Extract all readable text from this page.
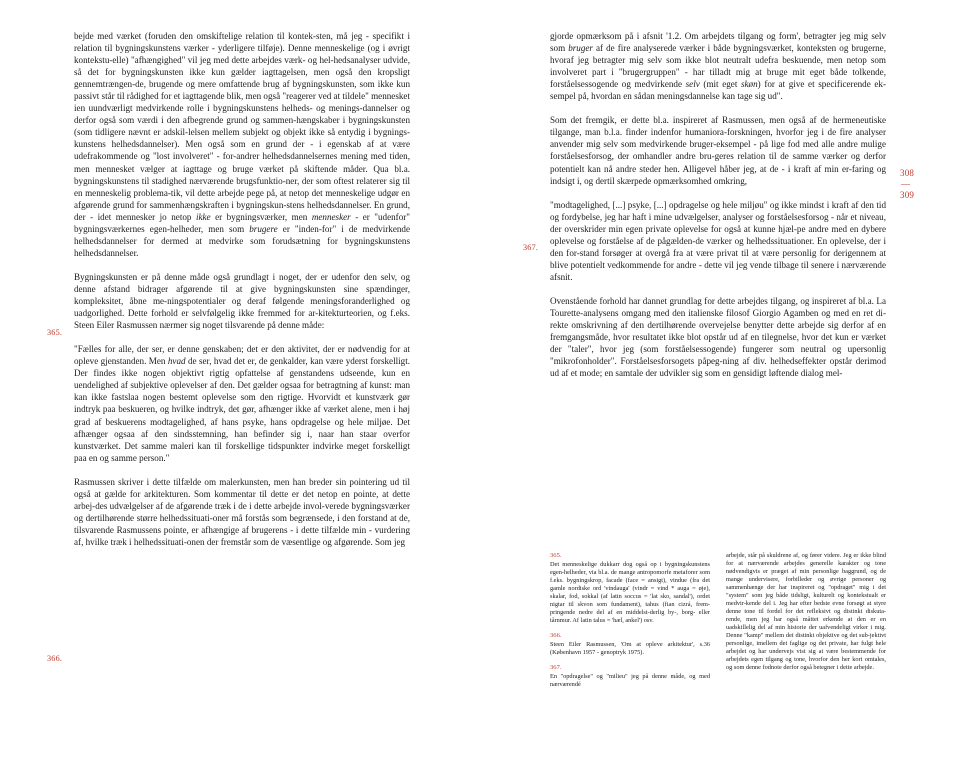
308
—
309
365.
366.
367.

bejde med værket (foruden den omskiftelige relation til kontek-sten, må jeg - specifikt i relation til bygningskunstens værker - yderligere tilføje). Denne menneskelige (og i øvrigt kontekstu-elle) "afhængighed" vil jeg med dette arbejdes værk- og hel-hedsanalyser udvide, så det for bygningskunsten ikke kun gælder iagttagelsen, men også den kropsligt gennemtrængen-de, brugende og mere omfattende brug af bygningskunsten, som ikke kun passivt står til rådighed for et iagttagende blik, men også "reagerer ved at tildele" mennesket ien uundværligt medvirkende rolle i bygningskunstens helheds- og menings-dannelser og derfor også som værdi i den afbegrende grund og sammen-hængskaber i bygningskunsten (som tidligere nævnt er adskil-lelsen mellem subjekt og objekt ikke så entydig i bygnings-kunstens helhedsdannelser). Men også som en grund der - i egenskab af at være udefrakommende og "lost involveret" - for-andrer helhedsdannelsernes mening med tiden, men mennesket vælger at iagttage og bruge værket på skiftende måder. Qua bl.a. bygningskunstens til stadighed nærværende brugsfunktio-ner, der som oftest relaterer sig til en menneskelig problema-tik, vil dette arbejde pege på, at netop det menneskelige udgør en afgørende grund for sammenhængskraften i bygningskun-stens helhedsdannelser. En grund, der - idet mennesker jo netop ikke er bygningsværker, men mennesker - er "udenfor" bygningsværkernes egen-helheder, men som brugere er "inden-for" i de medvirkende helhedsdannelser for dermed at medvirke som forudsætning for bygningskunstens helhedsdannelser.

Bygningskunsten er på denne måde også grundlagt i noget, der er udenfor den selv, og denne afstand bidrager afgørende til at give bygningskunsten sine spændinger, kompleksitet, åbne me-ningspotentialer og deraf følgende meningsforanderlighed og uadgorlighed. Dette forhold er selvfølgelig ikke fremmed for ar-kitekturteorien, og f.eks. Steen Eiler Rasmussen nærmer sig noget tilsvarende på denne måde:

"Fælles for alle, der ser, er denne genskaben; det er den aktivitet, der er nødvendig for at opleve gjenstanden. Men hvad de ser, hvad det er, de genkalder, kan være yderst forskelligt. Der findes ikke nogen objektivt rigtig opfattelse af genstandens udseende, kun en uendelighed af subjektive oplevelser af den. Det gælder ogsaa for betragtning af kunst: man kan ikke fastslaa nogen bestemt oplevelse som den rigtige. Hvorvidt et kunstværk gør indtryk paa beskueren, og hvilke indtryk, det gør, afhænger ikke af værket alene, men i høj grad af beskuerens modtagelighed, af hans psyke, hans opdragelse og hele miljøe. Det afhænger ogsaa af den sindsstemning, han befinder sig i, naar han staar overfor kunstværket. Det samme maleri kan til forskellige tidspunkter indvirke meget forskelligt paa en og samme person."

Rasmussen skriver i dette tilfælde om malerkunsten, men han breder sin pointering ud til også at gælde for arkitekturen. Som kommentar til dette er det netop en pointe, at dette arbej-des udvælgelser af de afgørende træk i de i dette arbejde invol-verede bygningsværker og dertilhørende større helhedssituati-oner må forstås som begrænsede, i den forstand at de, tilsvarende Rasmussens pointe, er afhængige af brugerens - i dette tilfælde min - vurdering af, hvilke træk i helhedssituati-onen der fremstår som de væsentlige og afgørende. Som jeg

gjorde opmærksom på i afsnit '1.2. Om arbejdets tilgang og form', betragter jeg mig selv som bruger af de fire analyserede værker i både bygningsværket, konteksten og brugerne, hvoraf jeg betragter mig selv som ikke blot neutralt udefra beskuende, men netop som involveret part i "brugergruppen" - har tilladt mig at bruge mit eget både tolkende, forståelsessogende og medvirkende selv (mit eget skøn) for at give et specificerende ek-sempel på, hvordan en sådan meningsdannelse kan tage sig ud".

Som det fremgik, er dette bl.a. inspireret af Rasmussen, men også af de hermeneutiske tilgange, man b.l.a. finder indenfor humaniora-forskningen, hvorfor jeg i de fire analyser anvender mig selv som medvirkende bruger-eksempel - på lige fod med alle andre mulige forståelsesforsog, der omhandler andre bru-geres relation til de samme værker og derfor potentielt kan nå andre steder hen. Alligevel håber jeg, at de - i kraft af min er-faring og indsigt i, og dertil skærpede opmærksomhed omkring,

"modtagelighed, [...] psyke, [...] opdragelse og hele miljøu" og ikke mindst i kraft af den tid og fordybelse, jeg har haft i mine udvælgelser, analyser og forståelsesforsog - når et niveau, der overskrider min egen private oplevelse for også at kunne hjæl-pe andre med en dybere oplevelse og forståelse af de pågælden-de værker og helhedssituationer. En oplevelse, der i den for-stand forsøger at overgå fra at være privat til at være personlig for derigennem at blive potentielt vedkommende for andre - dette vil jeg vende tilbage til senere i nærværende afsnit.

Ovenstående forhold har dannet grundlag for dette arbejdes tilgang, og inspireret af bl.a. La Tourette-analysens omgang med den italienske filosof Giorgio Agamben og med en ret di-rekte omskrivning af den dertilhørende overvejelse benytter dette arbejde sig derfor af en fremgangsmåde, hvor resultatet ikke blot opstår ud af en tilegnelse, hvor det kun er værket der "taler", hvor jeg (som forståelsessogende) fungerer som neutral og upersonlig "mikrofonholder". Forståelsesforsogets påpeg-ning af div. helhedseffekter opstår derimod ud af et mode; en samtale der udvikler sig som en gensidigt løftende dialog mel-

365.

Det menneskelige dukkarr dog også op i bygningskunstens egen-helheder, via bl.a. de mange antropomorfe metaforer som f.eks. bygningskrop, facade (face = ansigt), vindue (fra det gamle nordiske ord 'vindauga' (vindr = vind * auga = øje), skalar, fod, sokkal (af latin soccus = 'lat sko, sandal'), ordet nigtar til skvon som fundament), tahus (fian cizrá, frem-pringende nedre del af en middelst-derlig by-, borg- eller tårnmur. Af latin talus = 'hæl, ankel') osv.

366.

Steen Eiler Rasmussen, 'Om at opleve arkitektur', s.36 (København 1957 - genoptryk 1975).

367.

En "opdragelse" og "milieu" jeg på denne måde, og med nærværendé

arbejde, står på skuldrene af, og fører videre. Jeg er ikke blind for at nærværende arbejdes generelle karakter og tone nødvendigvis er præget af min personlige baggrund, og de mange undervisere, forbilleder og øvrige personer og sammenhænge der har inspireret og "opdraget" mig i det "system" som jeg både tidsligt, kulturelt og kontekstualt er medvir-kende del i. Jeg har efter bedste evne forsøgt at styre denne tone til fordel for det refleksivt og distinkt diskuta-rende, men jeg har også måttet erkende at den er en uadskillelig del af min historie der uafvendeligt virker i mig. Denne "kamp" mellem det distinkt objektive og det sub-jektivt personlige, imellem det faglige og det private, har fulgt hele arbejdet og har undervejs vist sig at være bestemmende for arbejdets egen tilgang og tone, hvorfor den her kort omtales, og som denne fodnote derfor også betegner i dette arbejde.
